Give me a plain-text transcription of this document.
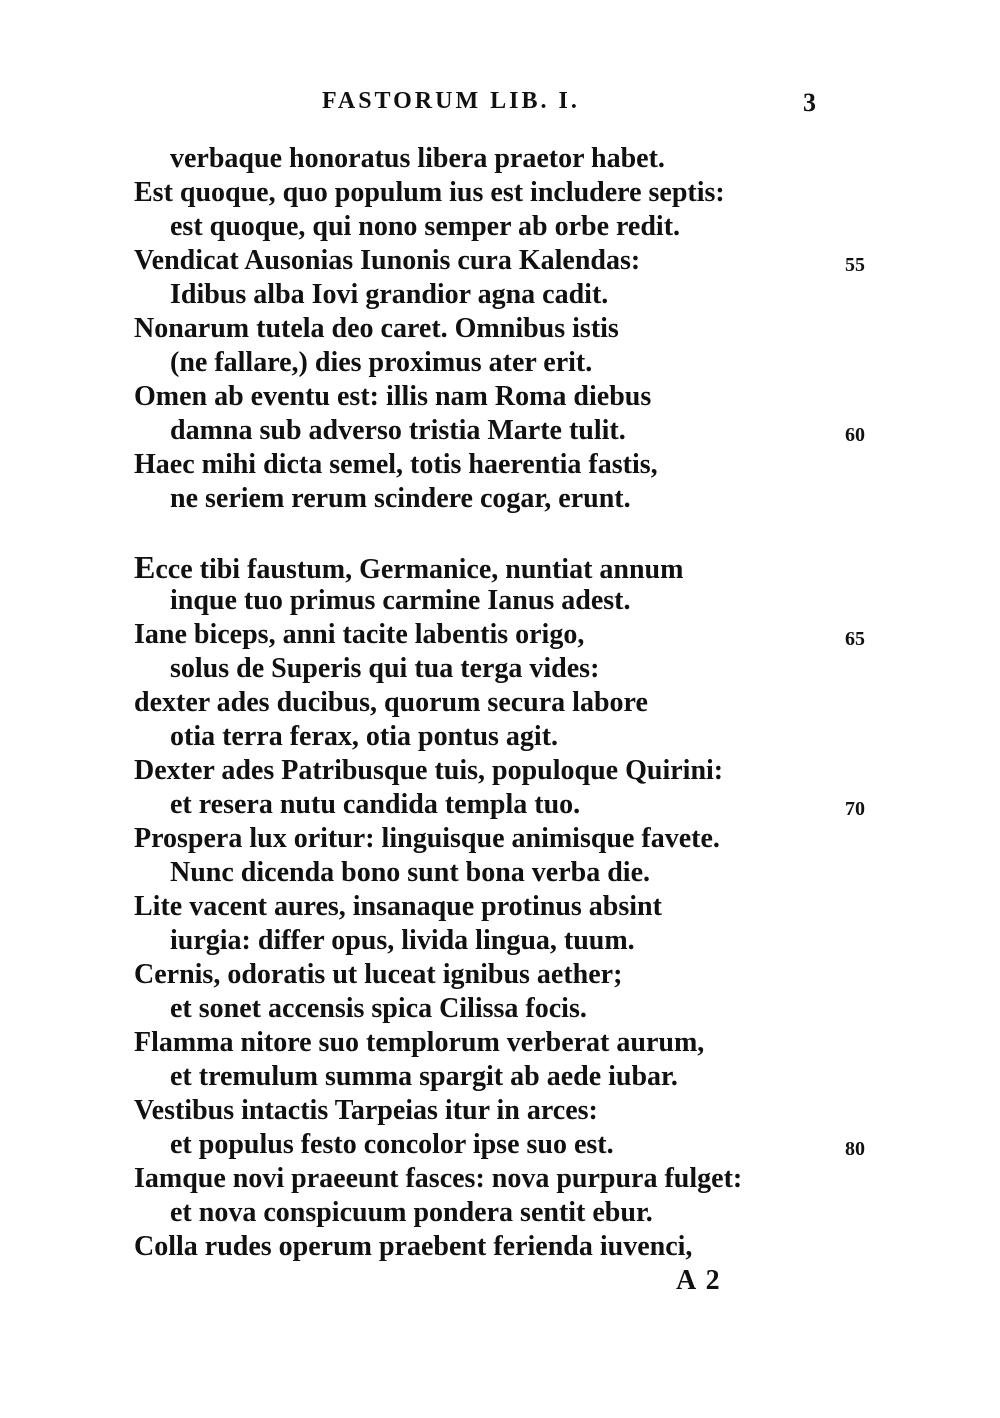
FASTORUM LIB. I.	3
verbaque honoratus libera praetor habet.
Est quoque, quo populum ius est includere septis:
est quoque, qui nono semper ab orbe redit.
Vendicat Ausonias Iunonis cura Kalendas:	55
Idibus alba Iovi grandior agna cadit.
Nonarum tutela deo caret. Omnibus istis
(ne fallare,) dies proximus ater erit.
Omen ab eventu est: illis nam Roma diebus
damna sub adverso tristia Marte tulit.	60
Haec mihi dicta semel, totis haerentia fastis,
ne seriem rerum scindere cogar, erunt.
Ecce tibi faustum, Germanice, nuntiat annum
inque tuo primus carmine Ianus adest.
Iane biceps, anni tacite labentis origo,	65
solus de Superis qui tua terga vides:
dexter ades ducibus, quorum secura labore
otia terra ferax, otia pontus agit.
Dexter ades Patribusque tuis, populoque Quirini:
et resera nutu candida templa tuo.	70
Prospera lux oritur: linguisque animisque favete.
Nunc dicenda bono sunt bona verba die.
Lite vacent aures, insanaque protinus absint
iurgia: differ opus, livida lingua, tuum.
Cernis, odoratis ut luceat ignibus aether;
et sonet accensis spica Cilissa focis.
Flamma nitore suo templorum verberat aurum,
et tremulum summa spargit ab aede iubar.
Vestibus intactis Tarpeias itur in arces:
et populus festo concolor ipse suo est.	80
Iamque novi praeeunt fasces: nova purpura fulget:
et nova conspicuum pondera sentit ebur.
Colla rudes operum praebent ferienda iuvenci,
A 2
